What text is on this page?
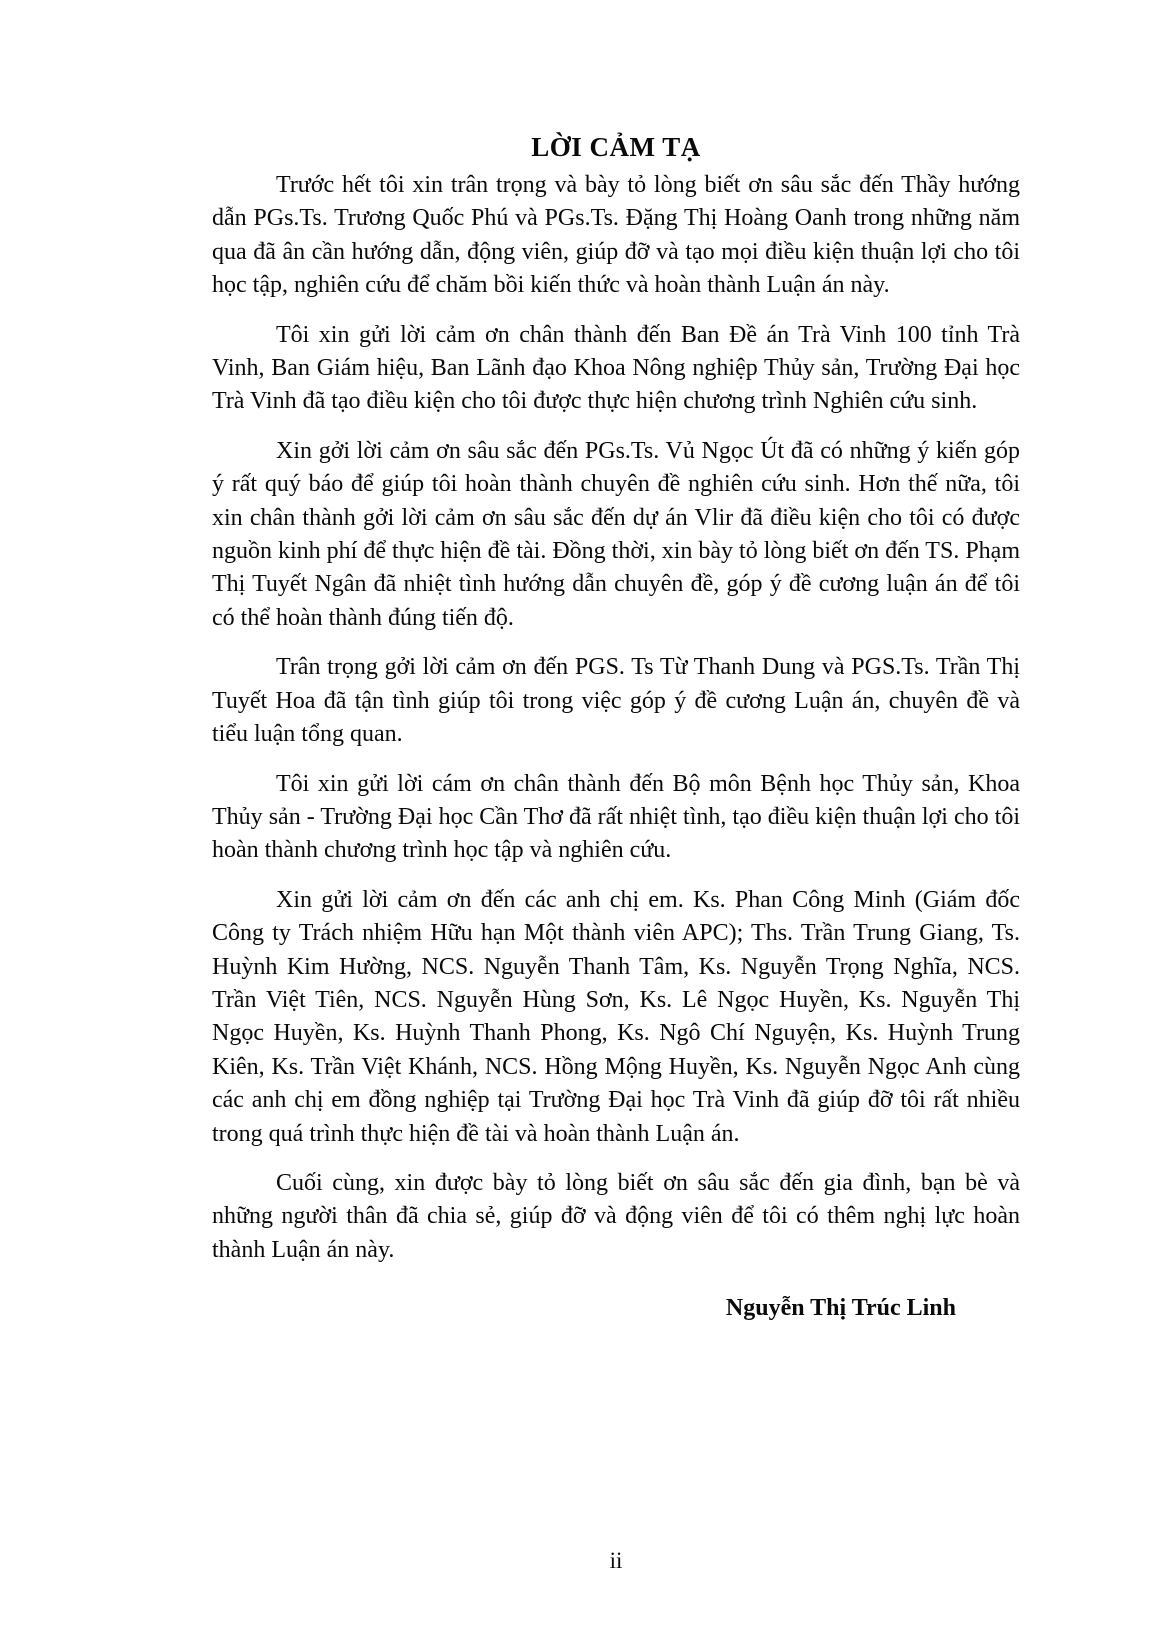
LỜI CẢM TẠ

Trước hết tôi xin trân trọng và bày tỏ lòng biết ơn sâu sắc đến Thầy hướng dẫn PGs.Ts. Trương Quốc Phú và PGs.Ts. Đặng Thị Hoàng Oanh trong những năm qua đã ân cần hướng dẫn, động viên, giúp đỡ và tạo mọi điều kiện thuận lợi cho tôi học tập, nghiên cứu để chăm bồi kiến thức và hoàn thành Luận án này.

Tôi xin gửi lời cảm ơn chân thành đến Ban Đề án Trà Vinh 100 tỉnh Trà Vinh, Ban Giám hiệu, Ban Lãnh đạo Khoa Nông nghiệp Thủy sản, Trường Đại học Trà Vinh đã tạo điều kiện cho tôi được thực hiện chương trình Nghiên cứu sinh.

Xin gởi lời cảm ơn sâu sắc đến PGs.Ts. Vủ Ngọc Út đã có những ý kiến góp ý rất quý báo để giúp tôi hoàn thành chuyên đề nghiên cứu sinh. Hơn thế nữa, tôi xin chân thành gởi lời cảm ơn sâu sắc đến dự án Vlir đã điều kiện cho tôi có được nguồn kinh phí để thực hiện đề tài. Đồng thời, xin bày tỏ lòng biết ơn đến TS. Phạm Thị Tuyết Ngân đã nhiệt tình hướng dẫn chuyên đề, góp ý đề cương luận án để tôi có thể hoàn thành đúng tiến độ.

Trân trọng gởi lời cảm ơn đến PGS. Ts Từ Thanh Dung và PGS.Ts. Trần Thị Tuyết Hoa đã tận tình giúp tôi trong việc góp ý đề cương Luận án, chuyên đề và tiểu luận tổng quan.

Tôi xin gửi lời cám ơn chân thành đến Bộ môn Bệnh học Thủy sản, Khoa Thủy sản - Trường Đại học Cần Thơ đã rất nhiệt tình, tạo điều kiện thuận lợi cho tôi hoàn thành chương trình học tập và nghiên cứu.

Xin gửi lời cảm ơn đến các anh chị em. Ks. Phan Công Minh (Giám đốc Công ty Trách nhiệm Hữu hạn Một thành viên APC); Ths. Trần Trung Giang, Ts. Huỳnh Kim Hường, NCS. Nguyễn Thanh Tâm, Ks. Nguyễn Trọng Nghĩa, NCS. Trần Việt Tiên, NCS. Nguyễn Hùng Sơn, Ks. Lê Ngọc Huyền, Ks. Nguyễn Thị Ngọc Huyền, Ks. Huỳnh Thanh Phong, Ks. Ngô Chí Nguyện, Ks. Huỳnh Trung Kiên, Ks. Trần Việt Khánh, NCS. Hồng Mộng Huyền, Ks. Nguyễn Ngọc Anh cùng các anh chị em đồng nghiệp tại Trường Đại học Trà Vinh đã giúp đỡ tôi rất nhiều trong quá trình thực hiện đề tài và hoàn thành Luận án.

Cuối cùng, xin được bày tỏ lòng biết ơn sâu sắc đến gia đình, bạn bè và những người thân đã chia sẻ, giúp đỡ và động viên để tôi có thêm nghị lực hoàn thành Luận án này.

Nguyễn Thị Trúc Linh
ii
